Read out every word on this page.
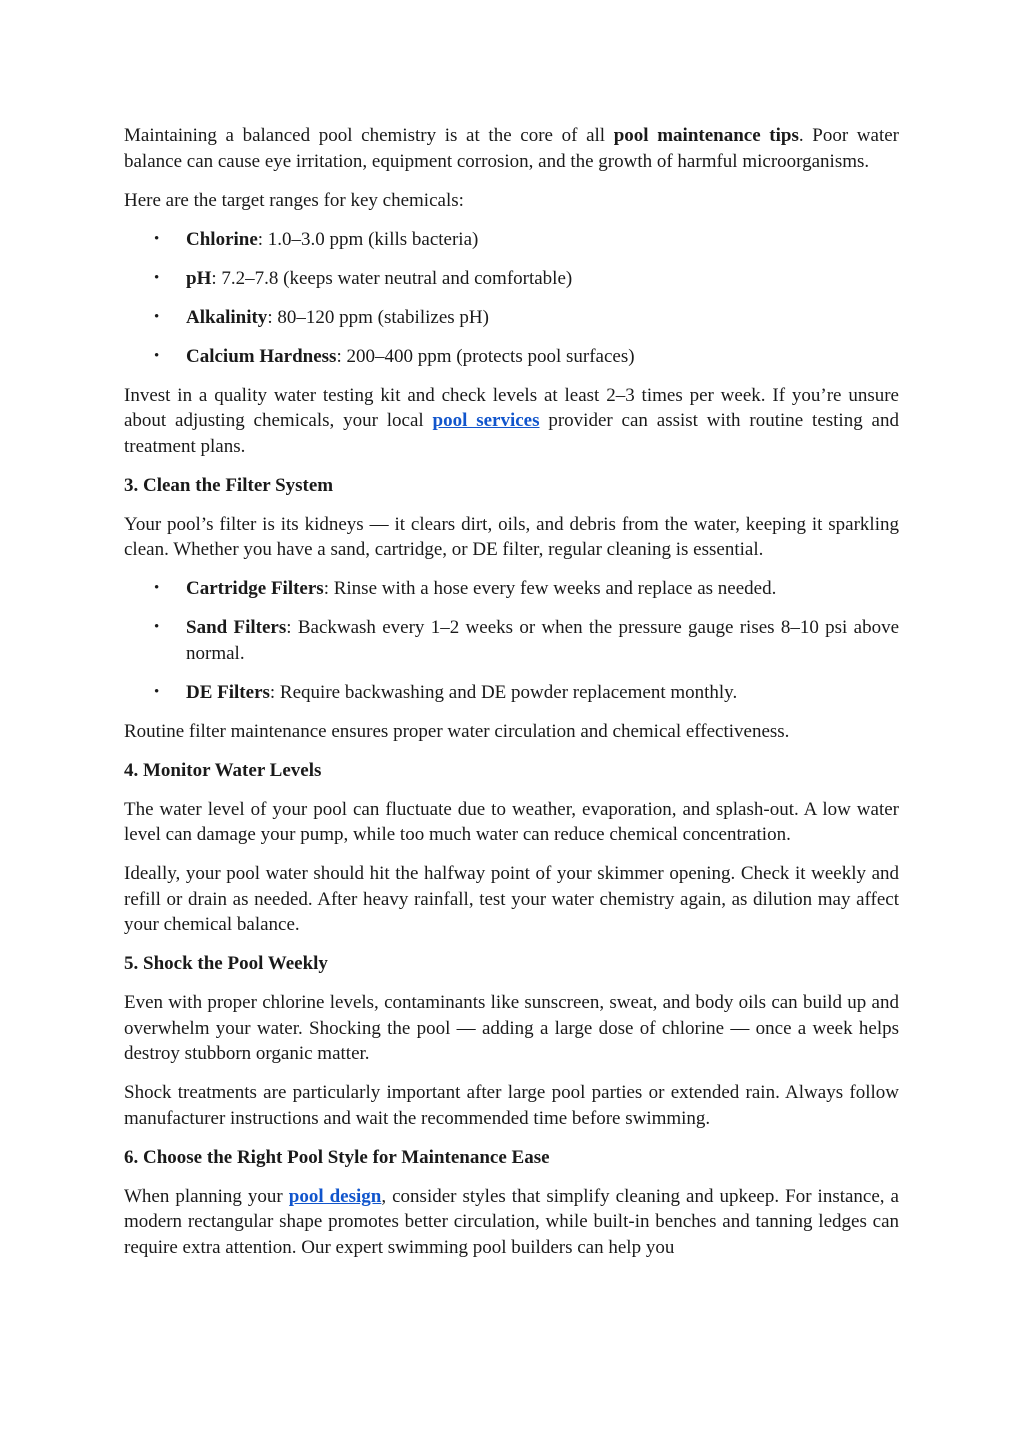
Maintaining a balanced pool chemistry is at the core of all pool maintenance tips. Poor water balance can cause eye irritation, equipment corrosion, and the growth of harmful microorganisms.

Here are the target ranges for key chemicals:

• Chlorine: 1.0–3.0 ppm (kills bacteria)
• pH: 7.2–7.8 (keeps water neutral and comfortable)
• Alkalinity: 80–120 ppm (stabilizes pH)
• Calcium Hardness: 200–400 ppm (protects pool surfaces)

Invest in a quality water testing kit and check levels at least 2–3 times per week. If you’re unsure about adjusting chemicals, your local pool services provider can assist with routine testing and treatment plans.

3. Clean the Filter System

Your pool’s filter is its kidneys — it clears dirt, oils, and debris from the water, keeping it sparkling clean. Whether you have a sand, cartridge, or DE filter, regular cleaning is essential.

• Cartridge Filters: Rinse with a hose every few weeks and replace as needed.
• Sand Filters: Backwash every 1–2 weeks or when the pressure gauge rises 8–10 psi above normal.
• DE Filters: Require backwashing and DE powder replacement monthly.

Routine filter maintenance ensures proper water circulation and chemical effectiveness.

4. Monitor Water Levels

The water level of your pool can fluctuate due to weather, evaporation, and splash-out. A low water level can damage your pump, while too much water can reduce chemical concentration.

Ideally, your pool water should hit the halfway point of your skimmer opening. Check it weekly and refill or drain as needed. After heavy rainfall, test your water chemistry again, as dilution may affect your chemical balance.

5. Shock the Pool Weekly

Even with proper chlorine levels, contaminants like sunscreen, sweat, and body oils can build up and overwhelm your water. Shocking the pool — adding a large dose of chlorine — once a week helps destroy stubborn organic matter.

Shock treatments are particularly important after large pool parties or extended rain. Always follow manufacturer instructions and wait the recommended time before swimming.

6. Choose the Right Pool Style for Maintenance Ease

When planning your pool design, consider styles that simplify cleaning and upkeep. For instance, a modern rectangular shape promotes better circulation, while built-in benches and tanning ledges can require extra attention. Our expert swimming pool builders can help you
